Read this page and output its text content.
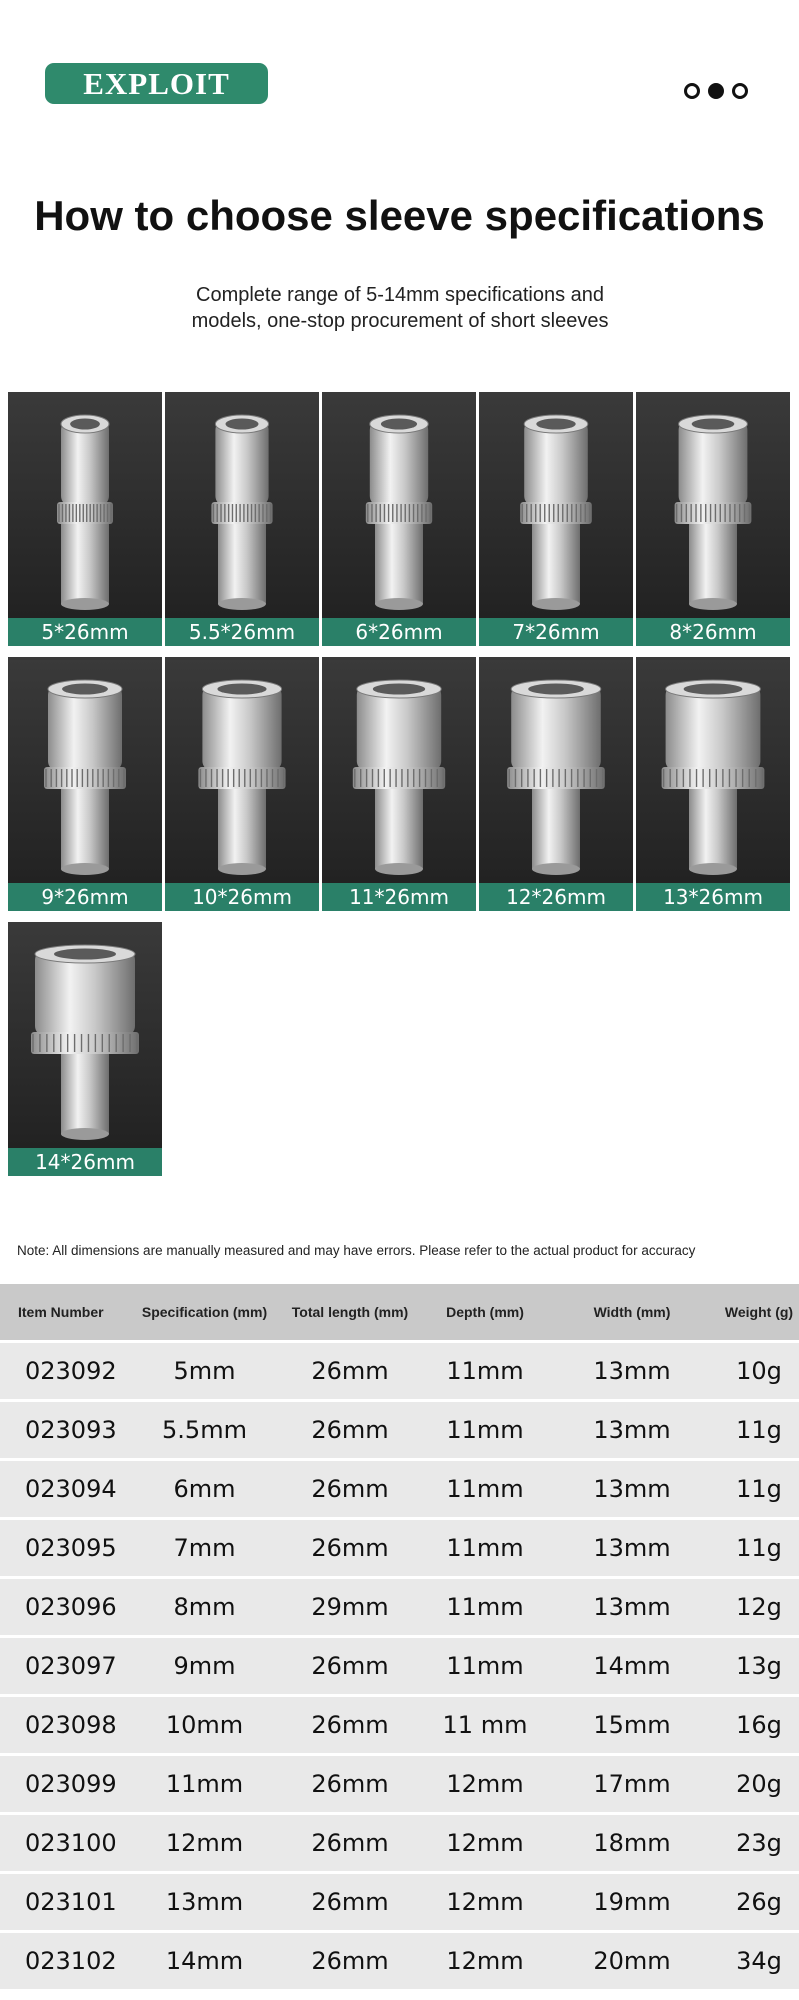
EXPLOIT
How to choose sleeve specifications
Complete range of 5-14mm specifications and
models, one-stop procurement of short sleeves
5*26mm	5.5*26mm	6*26mm	7*26mm	8*26mm
9*26mm	10*26mm	11*26mm	12*26mm	13*26mm
14*26mm
Note: All dimensions are manually measured and may have errors. Please refer to the actual product for accuracy
Item Number	Specification (mm)	Total length (mm)	Depth (mm)	Width (mm)	Weight (g)
023092	5mm	26mm	11mm	13mm	10g
023093	5.5mm	26mm	11mm	13mm	11g
023094	6mm	26mm	11mm	13mm	11g
023095	7mm	26mm	11mm	13mm	11g
023096	8mm	29mm	11mm	13mm	12g
023097	9mm	26mm	11mm	14mm	13g
023098	10mm	26mm	11 mm	15mm	16g
023099	11mm	26mm	12mm	17mm	20g
023100	12mm	26mm	12mm	18mm	23g
023101	13mm	26mm	12mm	19mm	26g
023102	14mm	26mm	12mm	20mm	34g
